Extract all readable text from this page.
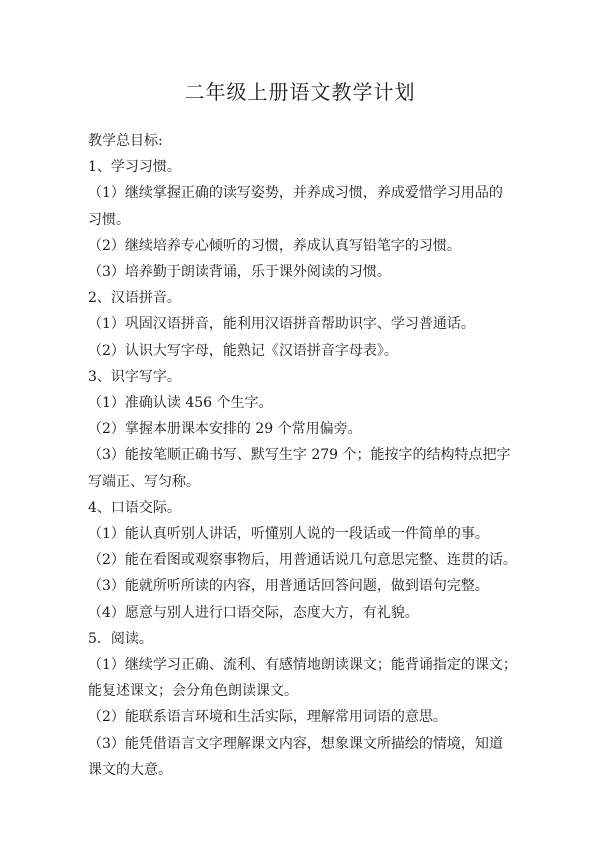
二年级上册语文教学计划

教学总目标:

1、学习习惯。

（1）继续掌握正确的读写姿势，并养成习惯，养成爱惜学习用品的

习惯。

（2）继续培养专心倾听的习惯，养成认真写铅笔字的习惯。

（3）培养勤于朗读背诵，乐于课外阅读的习惯。

2、汉语拼音。

（1）巩固汉语拼音，能利用汉语拼音帮助识字、学习普通话。

（2）认识大写字母，能熟记《汉语拼音字母表》。

3、识字写字。

（1）准确认读 456 个生字。

（2）掌握本册课本安排的 29 个常用偏旁。

（3）能按笔顺正确书写、默写生字 279 个；能按字的结构特点把字

写端正、写匀称。

4、口语交际。

（1）能认真听别人讲话，听懂别人说的一段话或一件简单的事。

（2）能在看图或观察事物后，用普通话说几句意思完整、连贯的话。

（3）能就所听所读的内容，用普通话回答问题，做到语句完整。

（4）愿意与别人进行口语交际，态度大方，有礼貌。

5．阅读。

（1）继续学习正确、流利、有感情地朗读课文；能背诵指定的课文；

能复述课文；会分角色朗读课文。

（2）能联系语言环境和生活实际，理解常用词语的意思。

（3）能凭借语言文字理解课文内容，想象课文所描绘的情境，知道

课文的大意。
